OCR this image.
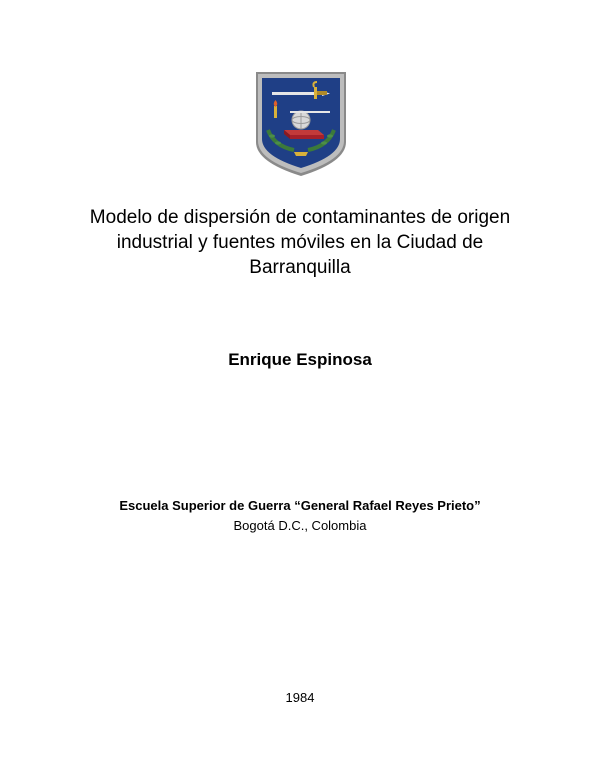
Modelo de dispersión de contaminantes de origen
industrial y fuentes móviles en la Ciudad de
Barranquilla

Enrique Espinosa

Escuela Superior de Guerra “General Rafael Reyes Prieto”

Bogotá D.C., Colombia

1984
